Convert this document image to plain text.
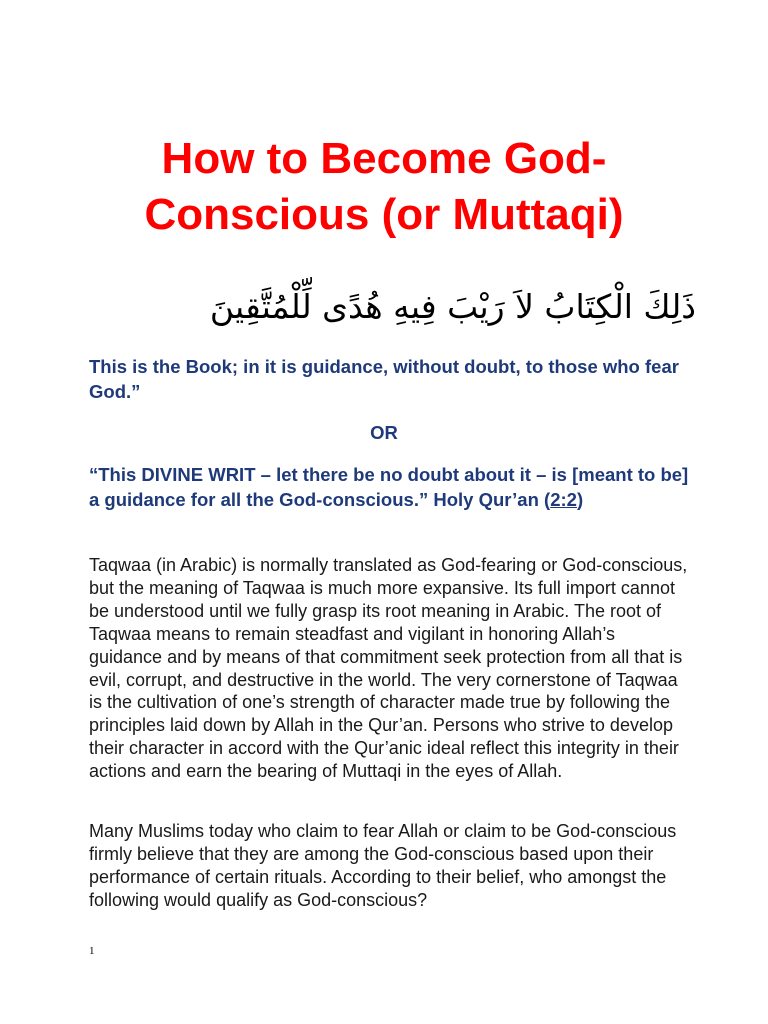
How to Become God-Conscious (or Muttaqi)
ذَلِكَ الْكِتَابُ لاَ رَيْبَ فِيهِ هُدًى لِّلْمُتَّقِينَ
This is the Book; in it is guidance, without doubt, to those who fear God.”
OR
“This DIVINE WRIT – let there be no doubt about it – is [meant to be] a guidance for all the God-conscious.” Holy Qur’an (2:2)
Taqwaa (in Arabic) is normally translated as God-fearing or God-conscious, but the meaning of Taqwaa is much more expansive. Its full import cannot be understood until we fully grasp its root meaning in Arabic. The root of Taqwaa means to remain steadfast and vigilant in honoring Allah’s guidance and by means of that commitment seek protection from all that is evil, corrupt, and destructive in the world. The very cornerstone of Taqwaa is the cultivation of one’s strength of character made true by following the principles laid down by Allah in the Qur’an. Persons who strive to develop their character in accord with the Qur’anic ideal reflect this integrity in their actions and earn the bearing of Muttaqi in the eyes of Allah.
Many Muslims today who claim to fear Allah or claim to be God-conscious firmly believe that they are among the God-conscious based upon their performance of certain rituals. According to their belief, who amongst the following would qualify as God-conscious?
1
